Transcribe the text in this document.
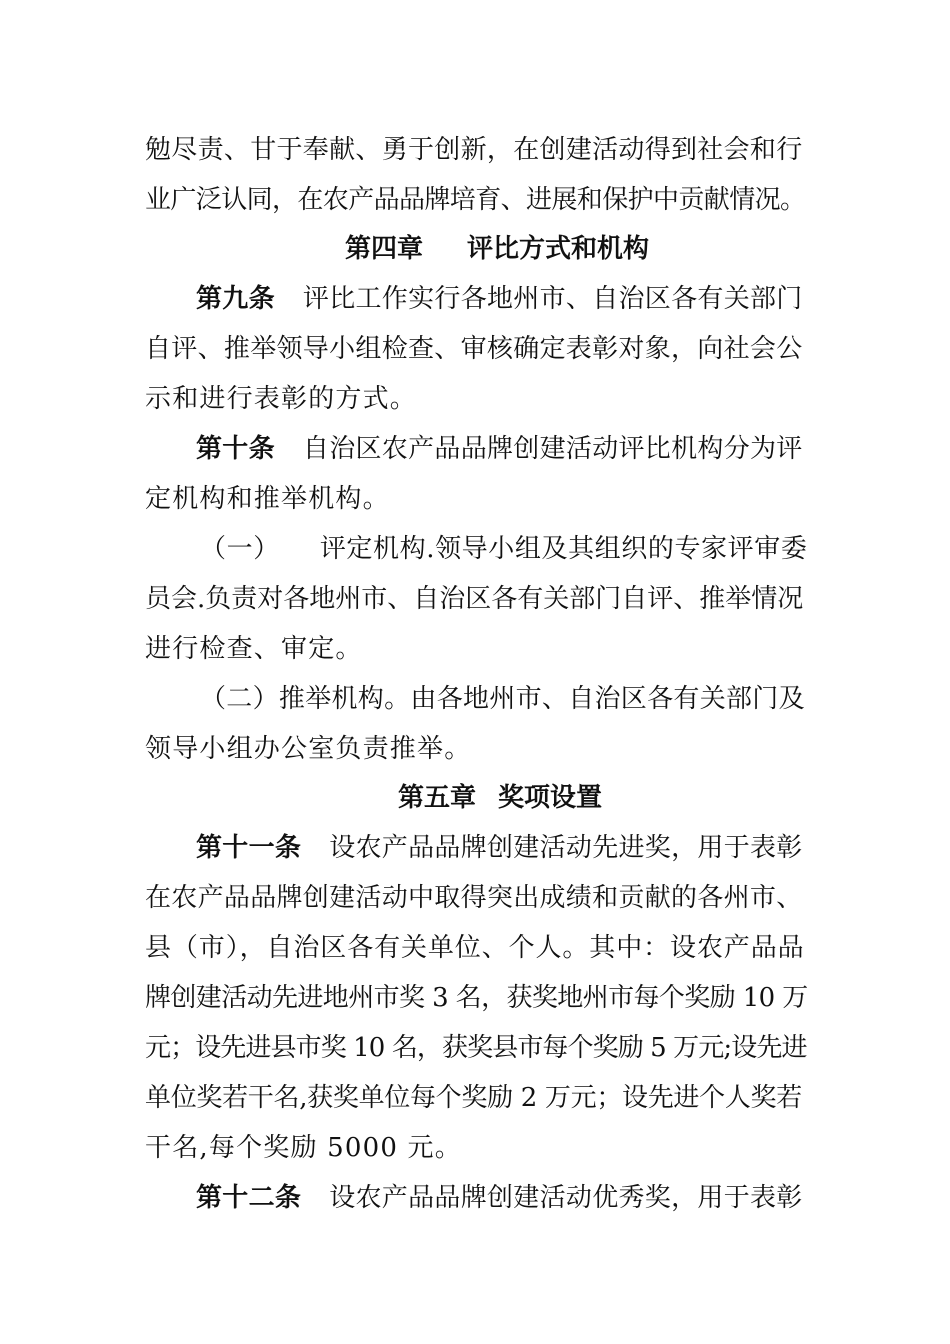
勉尽责、甘于奉献、勇于创新，在创建活动得到社会和行
业广泛认同，在农产品品牌培育、进展和保护中贡献情况。
第四章 评比方式和机构
第九条 评比工作实行各地州市、自治区各有关部门
自评、推举领导小组检查、审核确定表彰对象，向社会公
示和进行表彰的方式。
第十条 自治区农产品品牌创建活动评比机构分为评
定机构和推举机构。
（一） 评定机构.领导小组及其组织的专家评审委
员会.负责对各地州市、自治区各有关部门自评、推举情况
进行检查、审定。
（二）推举机构。由各地州市、自治区各有关部门及
领导小组办公室负责推举。
第五章 奖项设置
第十一条 设农产品品牌创建活动先进奖，用于表彰
在农产品品牌创建活动中取得突出成绩和贡献的各州市、
县（市），自治区各有关单位、个人。其中：设农产品品
牌创建活动先进地州市奖 3 名，获奖地州市每个奖励 10 万
元；设先进县市奖 10 名，获奖县市每个奖励 5 万元;设先进
单位奖若干名,获奖单位每个奖励 2 万元；设先进个人奖若
干名,每个奖励 5000 元。
第十二条 设农产品品牌创建活动优秀奖，用于表彰
